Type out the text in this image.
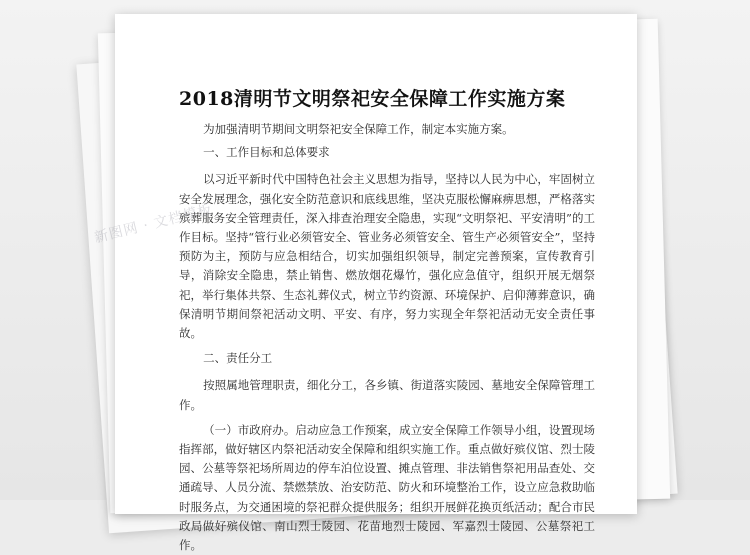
2018清明节文明祭祀安全保障工作实施方案

为加强清明节期间文明祭祀安全保障工作，制定本实施方案。

一、工作目标和总体要求

以习近平新时代中国特色社会主义思想为指导，坚持以人民为中心，牢固树立安全发展理念，强化安全防范意识和底线思维，坚决克服松懈麻痹思想，严格落实殡葬服务安全管理责任，深入排查治理安全隐患，实现“文明祭祀、平安清明”的工作目标。坚持“管行业必须管安全、管业务必须管安全、管生产必须管安全”，坚持预防为主，预防与应急相结合，切实加强组织领导，制定完善预案，宣传教育引导，消除安全隐患，禁止销售、燃放烟花爆竹，强化应急值守，组织开展无烟祭祀，举行集体共祭、生态礼葬仪式，树立节约资源、环境保护、启仰薄葬意识，确保清明节期间祭祀活动文明、平安、有序，努力实现全年祭祀活动无安全责任事故。

二、责任分工

按照属地管理职责，细化分工，各乡镇、街道落实陵园、墓地安全保障管理工作。

（一）市政府办。启动应急工作预案，成立安全保障工作领导小组，设置现场指挥部，做好辖区内祭祀活动安全保障和组织实施工作。重点做好殡仪馆、烈士陵园、公墓等祭祀场所周边的停车泊位设置、摊点管理、非法销售祭祀用品查处、交通疏导、人员分流、禁燃禁放、治安防范、防火和环境整治工作，设立应急救助临时服务点，为交通困境的祭祀群众提供服务；组织开展鲜花换页纸活动；配合市民政局做好殡仪馆、南山烈士陵园、花苗地烈士陵园、军嘉烈士陵园、公墓祭祀工作。

新图网 · 文档模板
